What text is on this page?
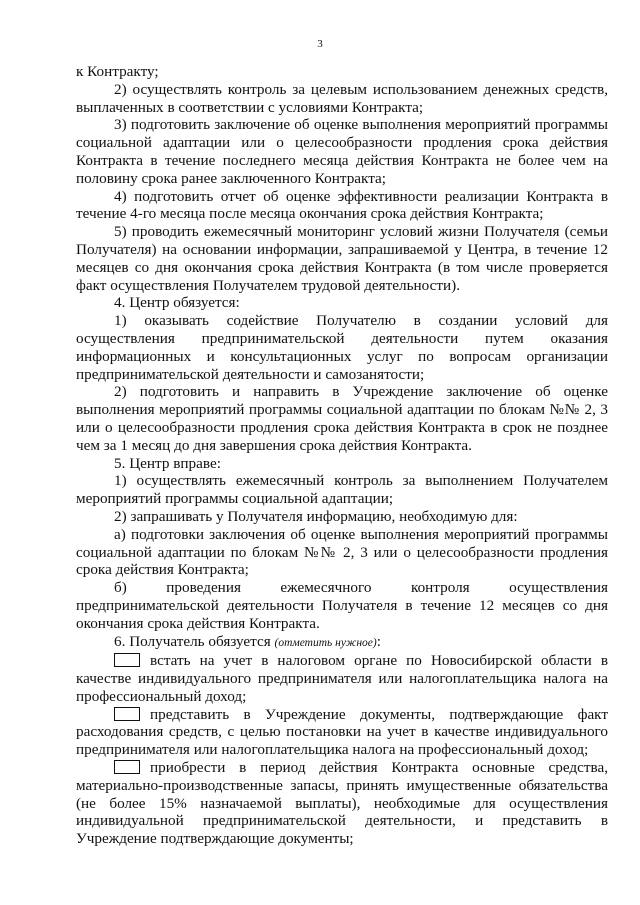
3

к Контракту;

2) осуществлять контроль за целевым использованием денежных средств, выплаченных в соответствии с условиями Контракта;

3) подготовить заключение об оценке выполнения мероприятий программы социальной адаптации или о целесообразности продления срока действия Контракта в течение последнего месяца действия Контракта не более чем на половину срока ранее заключенного Контракта;

4) подготовить отчет об оценке эффективности реализации Контракта в течение 4-го месяца после месяца окончания срока действия Контракта;

5) проводить ежемесячный мониторинг условий жизни Получателя (семьи Получателя) на основании информации, запрашиваемой у Центра, в течение 12 месяцев со дня окончания срока действия Контракта (в том числе проверяется факт осуществления Получателем трудовой деятельности).

4. Центр обязуется:

1) оказывать содействие Получателю в создании условий для осуществления предпринимательской деятельности путем оказания информационных и консультационных услуг по вопросам организации предпринимательской деятельности и самозанятости;

2) подготовить и направить в Учреждение заключение об оценке выполнения мероприятий программы социальной адаптации по блокам №№ 2, 3 или о целесообразности продления срока действия Контракта в срок не позднее чем за 1 месяц до дня завершения срока действия Контракта.

5. Центр вправе:

1) осуществлять ежемесячный контроль за выполнением Получателем мероприятий программы социальной адаптации;

2) запрашивать у Получателя информацию, необходимую для:

а) подготовки заключения об оценке выполнения мероприятий программы социальной адаптации по блокам №№ 2, 3 или о целесообразности продления срока действия Контракта;

б) проведения ежемесячного контроля осуществления предпринимательской деятельности Получателя в течение 12 месяцев со дня окончания срока действия Контракта.

6. Получатель обязуется (отметить нужное):

встать на учет в налоговом органе по Новосибирской области в качестве индивидуального предпринимателя или налогоплательщика налога на профессиональный доход;

представить в Учреждение документы, подтверждающие факт расходования средств, с целью постановки на учет в качестве индивидуального предпринимателя или налогоплательщика налога на профессиональный доход;

приобрести в период действия Контракта основные средства, материально-производственные запасы, принять имущественные обязательства (не более 15% назначаемой выплаты), необходимые для осуществления индивидуальной предпринимательской деятельности, и представить в Учреждение подтверждающие документы;
